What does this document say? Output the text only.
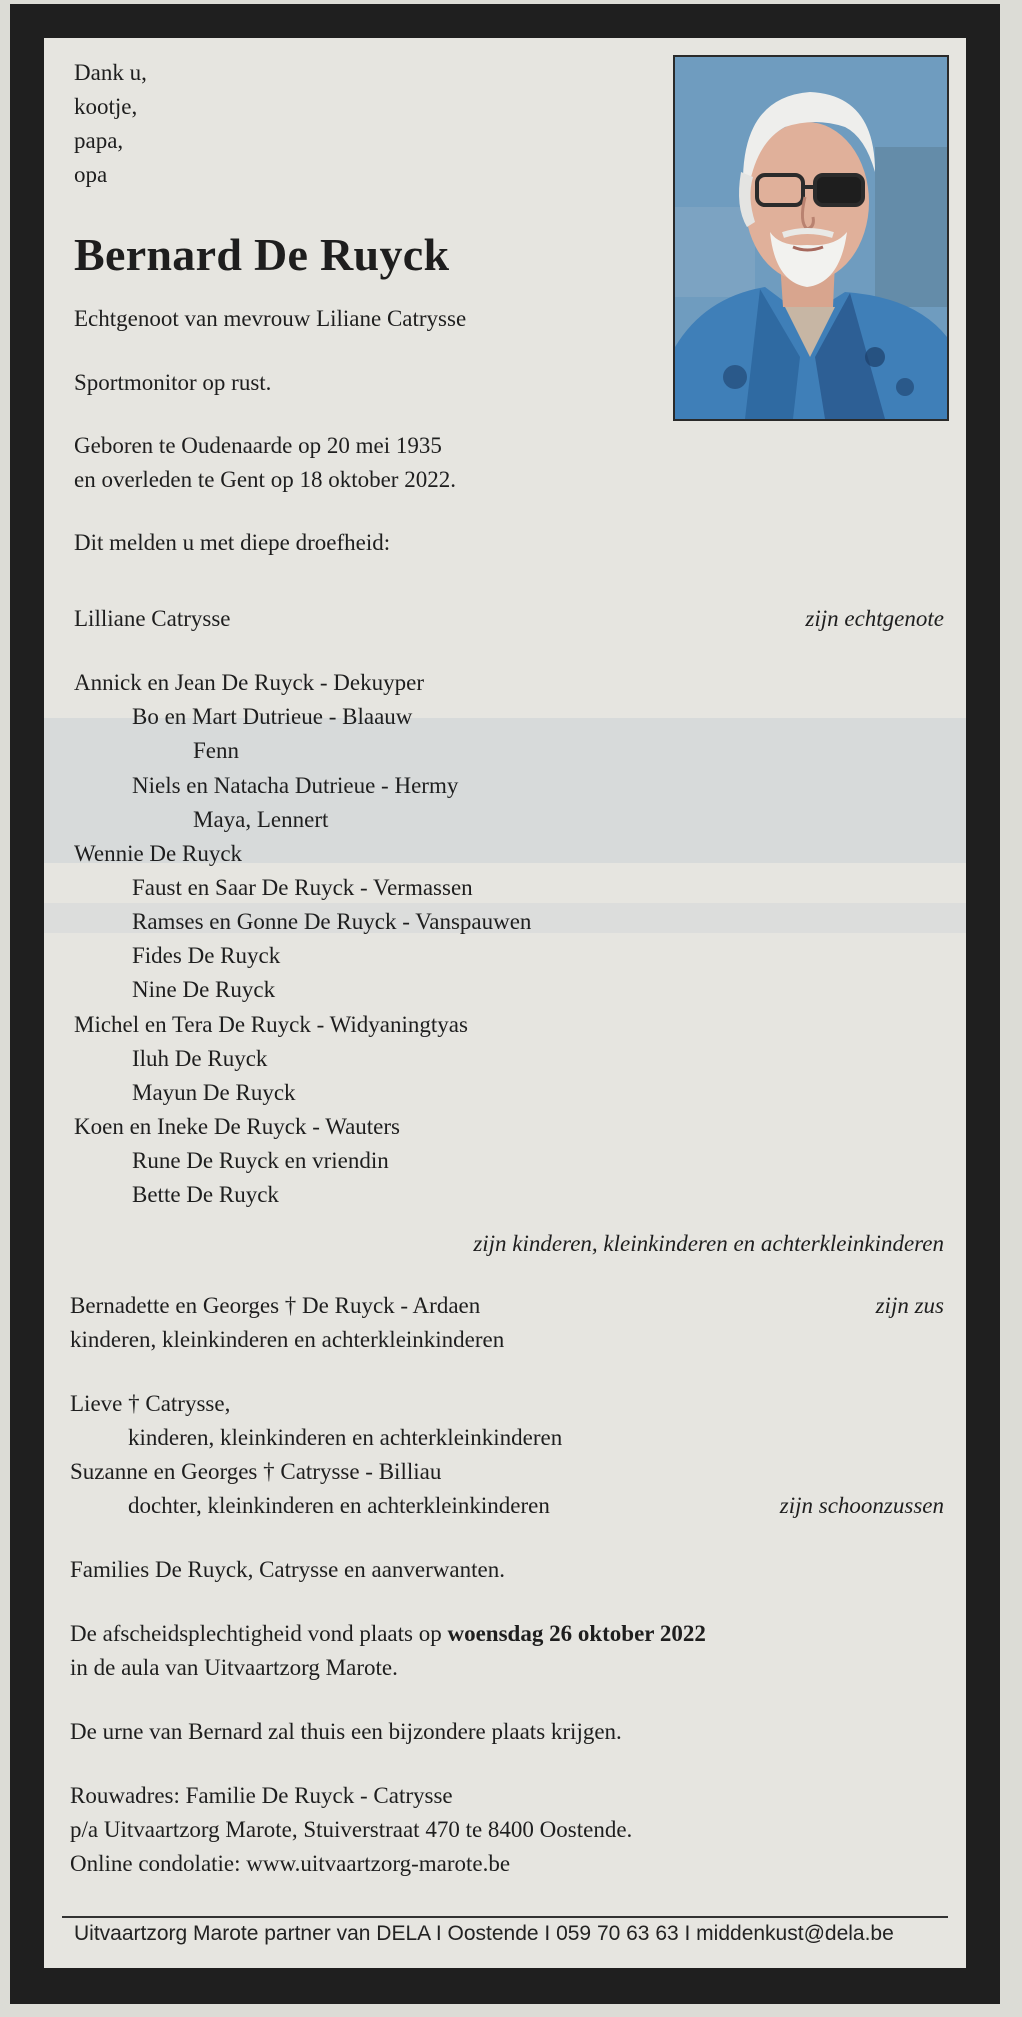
Dank u,
kootje,
papa,
opa
Bernard De Ruyck
Echtgenoot van mevrouw Liliane Catrysse
Sportmonitor op rust.
Geboren te Oudenaarde op 20 mei 1935
en overleden te Gent op 18 oktober 2022.
Dit melden u met diepe droefheid:
Lilliane Catrysse	zijn echtgenote
Annick en Jean De Ruyck - Dekuyper
Bo en Mart Dutrieue - Blaauw
Fenn
Niels en Natacha Dutrieue - Hermy
Maya, Lennert
Wennie De Ruyck
Faust en Saar De Ruyck - Vermassen
Ramses en Gonne De Ruyck - Vanspauwen
Fides De Ruyck
Nine De Ruyck
Michel en Tera De Ruyck - Widyaningtyas
Iluh De Ruyck
Mayun De Ruyck
Koen en Ineke De Ruyck - Wauters
Rune De Ruyck en vriendin
Bette De Ruyck
zijn kinderen, kleinkinderen en achterkleinkinderen
Bernadette en Georges † De Ruyck - Ardaen	zijn zus
kinderen, kleinkinderen en achterkleinkinderen
Lieve † Catrysse,
kinderen, kleinkinderen en achterkleinkinderen
Suzanne en Georges † Catrysse - Billiau
dochter, kleinkinderen en achterkleinkinderen	zijn schoonzussen
Families De Ruyck, Catrysse en aanverwanten.
De afscheidsplechtigheid vond plaats op woensdag 26 oktober 2022
in de aula van Uitvaartzorg Marote.
De urne van Bernard zal thuis een bijzondere plaats krijgen.
Rouwadres: Familie De Ruyck - Catrysse
p/a Uitvaartzorg Marote, Stuiverstraat 470 te 8400 Oostende.
Online condolatie: www.uitvaartzorg-marote.be
Uitvaartzorg Marote partner van DELA I Oostende I 059 70 63 63 I middenkust@dela.be
